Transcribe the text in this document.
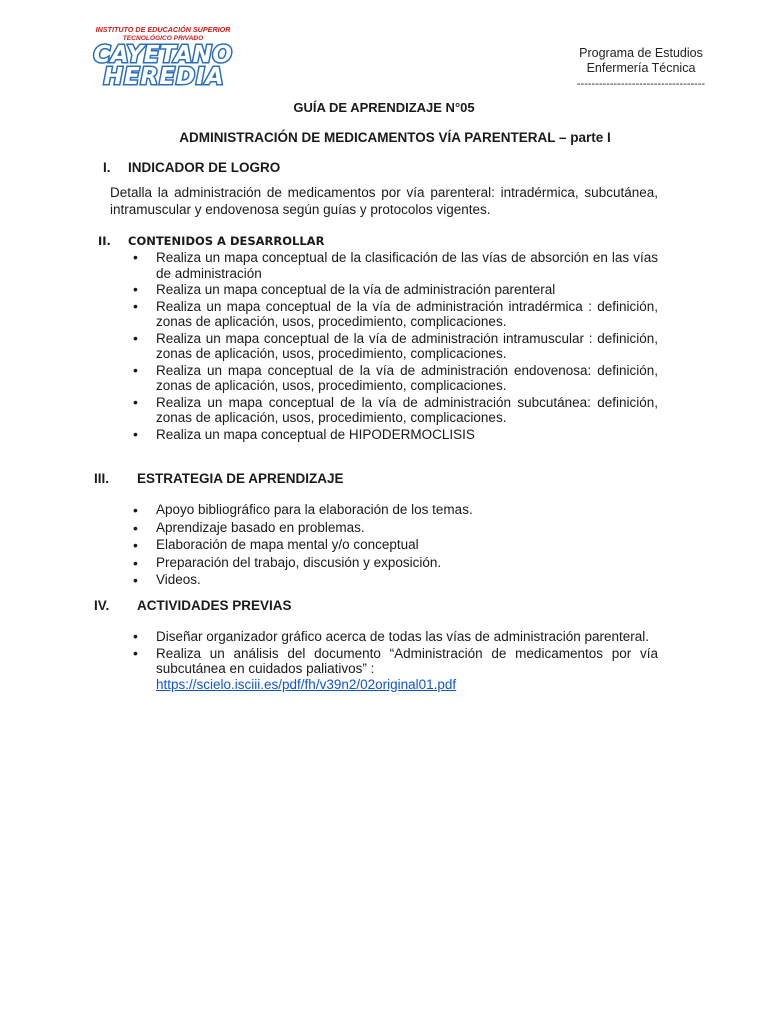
INSTITUTO DE EDUCACIÓN SUPERIOR
TECNOLÓGICO PRIVADO
CAYETANO
HEREDIA
Programa de Estudios
Enfermería Técnica
-----------------------------------
GUÍA DE APRENDIZAJE N°05
ADMINISTRACIÓN DE MEDICAMENTOS VÍA PARENTERAL – parte I
I. INDICADOR DE LOGRO
Detalla la administración de medicamentos por vía parenteral: intradérmica, subcutánea, intramuscular y endovenosa según guías y protocolos vigentes.
II. CONTENIDOS A DESARROLLAR
• Realiza un mapa conceptual de la clasificación de las vías de absorción en las vías de administración
• Realiza un mapa conceptual de la vía de administración parenteral
• Realiza un mapa conceptual de la vía de administración intradérmica : definición, zonas de aplicación, usos, procedimiento, complicaciones.
• Realiza un mapa conceptual de la vía de administración intramuscular : definición, zonas de aplicación, usos, procedimiento, complicaciones.
• Realiza un mapa conceptual de la vía de administración endovenosa: definición, zonas de aplicación, usos, procedimiento, complicaciones.
• Realiza un mapa conceptual de la vía de administración subcutánea: definición, zonas de aplicación, usos, procedimiento, complicaciones.
• Realiza un mapa conceptual de HIPODERMOCLISIS
III. ESTRATEGIA DE APRENDIZAJE
• Apoyo bibliográfico para la elaboración de los temas.
• Aprendizaje basado en problemas.
• Elaboración de mapa mental y/o conceptual
• Preparación del trabajo, discusión y exposición.
• Videos.
IV. ACTIVIDADES PREVIAS
• Diseñar organizador gráfico acerca de todas las vías de administración parenteral.
• Realiza un análisis del documento “Administración de medicamentos por vía subcutánea en cuidados paliativos” :
https://scielo.isciii.es/pdf/fh/v39n2/02original01.pdf
